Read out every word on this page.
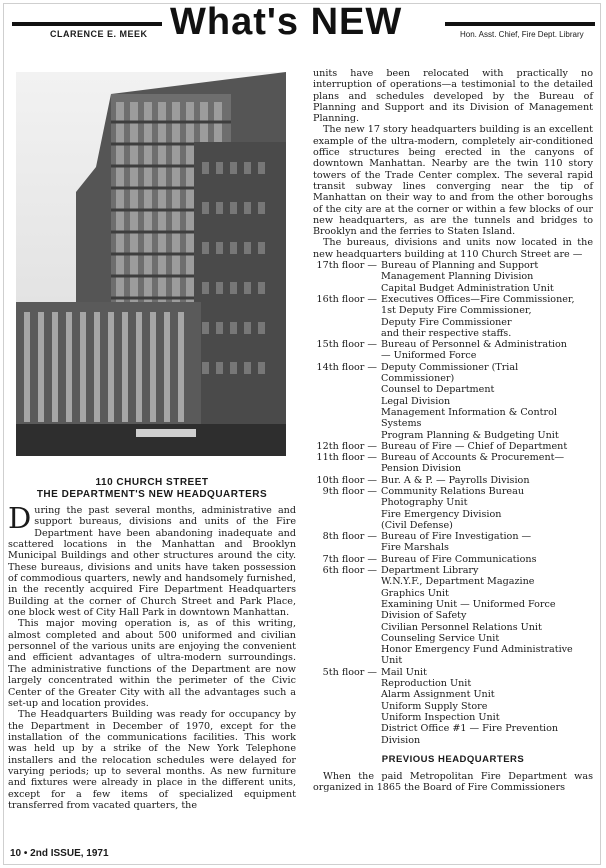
What's NEW
CLARENCE E. MEEK	Hon. Asst. Chief, Fire Dept. Library
110 CHURCH STREET
THE DEPARTMENT'S NEW HEADQUARTERS

During the past several months, administrative and support bureaus, divisions and units of the Fire Department have been abandoning inadequate and scattered locations in the Manhattan and Brooklyn Municipal Buildings and other structures around the city. These bureaus, divisions and units have taken possession of commodious quarters, newly and handsomely furnished, in the recently acquired Fire Department Headquarters Building at the corner of Church Street and Park Place, one block west of City Hall Park in downtown Manhattan.

This major moving operation is, as of this writing, almost completed and about 500 uniformed and civilian personnel of the various units are enjoying the convenient and efficient advantages of ultra-modern surroundings. The administrative functions of the Department are now largely concentrated within the perimeter of the Civic Center of the Greater City with all the advantages such a set-up and location provides.

The Headquarters Building was ready for occupancy by the Department in December of 1970, except for the installation of the communications facilities. This work was held up by a strike of the New York Telephone installers and the relocation schedules were delayed for varying periods; up to several months. As new furniture and fixtures were already in place in the different units, except for a few items of specialized equipment transferred from vacated quarters, the

units have been relocated with practically no interruption of operations—a testimonial to the detailed plans and schedules developed by the Bureau of Planning and Support and its Division of Management Planning.

The new 17 story headquarters building is an excellent example of the ultra-modern, completely air-conditioned office structures being erected in the canyons of downtown Manhattan. Nearby are the twin 110 story towers of the Trade Center complex. The several rapid transit subway lines converging near the tip of Manhattan on their way to and from the other boroughs of the city are at the corner or within a few blocks of our new headquarters, as are the tunnels and bridges to Brooklyn and the ferries to Staten Island.

The bureaus, divisions and units now located in the new headquarters building at 110 Church Street are —

17th floor — Bureau of Planning and Support
Management Planning Division
Capital Budget Administration Unit
16th floor — Executives Offices—Fire Commissioner,
1st Deputy Fire Commissioner,
Deputy Fire Commissioner
and their respective staffs.
15th floor — Bureau of Personnel & Administration
— Uniformed Force
14th floor — Deputy Commissioner (Trial Commissioner)
Counsel to Department
Legal Division
Management Information & Control Systems
Program Planning & Budgeting Unit
12th floor — Bureau of Fire — Chief of Department
11th floor — Bureau of Accounts & Procurement—
Pension Division
10th floor — Bur. A & P. — Payrolls Division
9th floor — Community Relations Bureau
Photography Unit
Fire Emergency Division
(Civil Defense)
8th floor — Bureau of Fire Investigation —
Fire Marshals
7th floor — Bureau of Fire Communications
6th floor — Department Library
W.N.Y.F., Department Magazine
Graphics Unit
Examining Unit — Uniformed Force
Division of Safety
Civilian Personnel Relations Unit
Counseling Service Unit
Honor Emergency Fund Administrative Unit
5th floor — Mail Unit
Reproduction Unit
Alarm Assignment Unit
Uniform Supply Store
Uniform Inspection Unit
District Office #1 — Fire Prevention Division
PREVIOUS HEADQUARTERS

When the paid Metropolitan Fire Department was organized in 1865 the Board of Fire Commissioners

10 • 2nd ISSUE, 1971
